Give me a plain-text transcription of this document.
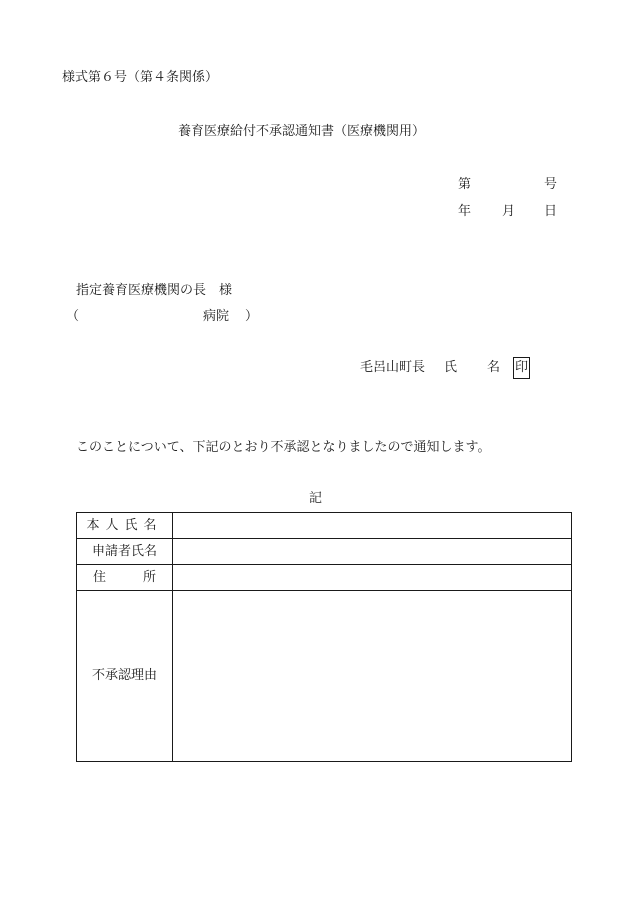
様式第６号（第４条関係）
養育医療給付不承認通知書（医療機関用）
第	号
年 月 日
指定養育医療機関の長　様
（	病院 ）
毛呂山町長 氏 名 印
このことについて、下記のとおり不承認となりましたので通知します。
記
本人氏名	
申請者氏名	

住 所	

不承認理由	
